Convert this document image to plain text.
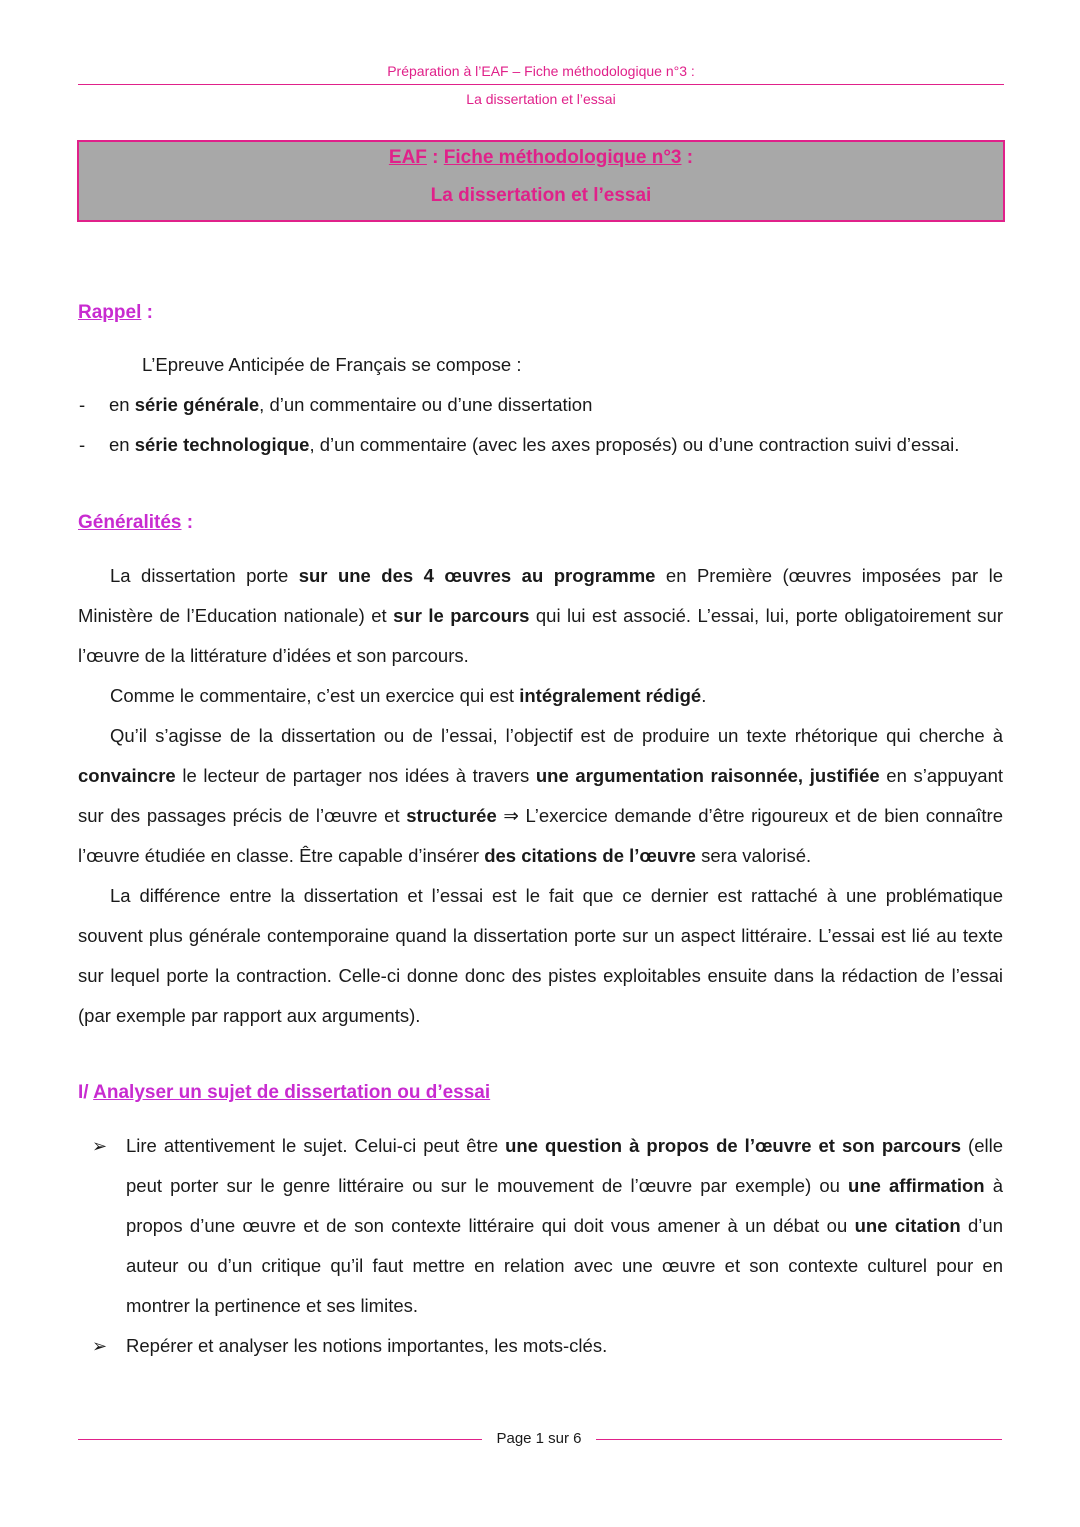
Préparation à l’EAF – Fiche méthodologique n°3 :
La dissertation et l’essai
EAF : Fiche méthodologique n°3 :
La dissertation et l’essai
Rappel :
L’Epreuve Anticipée de Français se compose :
- en série générale, d’un commentaire ou d’une dissertation
- en série technologique, d’un commentaire (avec les axes proposés) ou d’une contraction suivi d’essai.
Généralités :
La dissertation porte sur une des 4 œuvres au programme en Première (œuvres imposées par le Ministère de l’Education nationale) et sur le parcours qui lui est associé. L’essai, lui, porte obligatoirement sur l’œuvre de la littérature d’idées et son parcours.
Comme le commentaire, c’est un exercice qui est intégralement rédigé.
Qu’il s’agisse de la dissertation ou de l’essai, l’objectif est de produire un texte rhétorique qui cherche à convaincre le lecteur de partager nos idées à travers une argumentation raisonnée, justifiée en s’appuyant sur des passages précis de l’œuvre et structurée ⇒ L’exercice demande d’être rigoureux et de bien connaître l’œuvre étudiée en classe. Être capable d’insérer des citations de l’œuvre sera valorisé.
La différence entre la dissertation et l’essai est le fait que ce dernier est rattaché à une problématique souvent plus générale contemporaine quand la dissertation porte sur un aspect littéraire. L’essai est lié au texte sur lequel porte la contraction. Celle-ci donne donc des pistes exploitables ensuite dans la rédaction de l’essai (par exemple par rapport aux arguments).
I/ Analyser un sujet de dissertation ou d’essai
➢ Lire attentivement le sujet. Celui-ci peut être une question à propos de l’œuvre et son parcours (elle peut porter sur le genre littéraire ou sur le mouvement de l’œuvre par exemple) ou une affirmation à propos d’une œuvre et de son contexte littéraire qui doit vous amener à un débat ou une citation d’un auteur ou d’un critique qu’il faut mettre en relation avec une œuvre et son contexte culturel pour en montrer la pertinence et ses limites.
➢ Repérer et analyser les notions importantes, les mots-clés.
Page 1 sur 6
